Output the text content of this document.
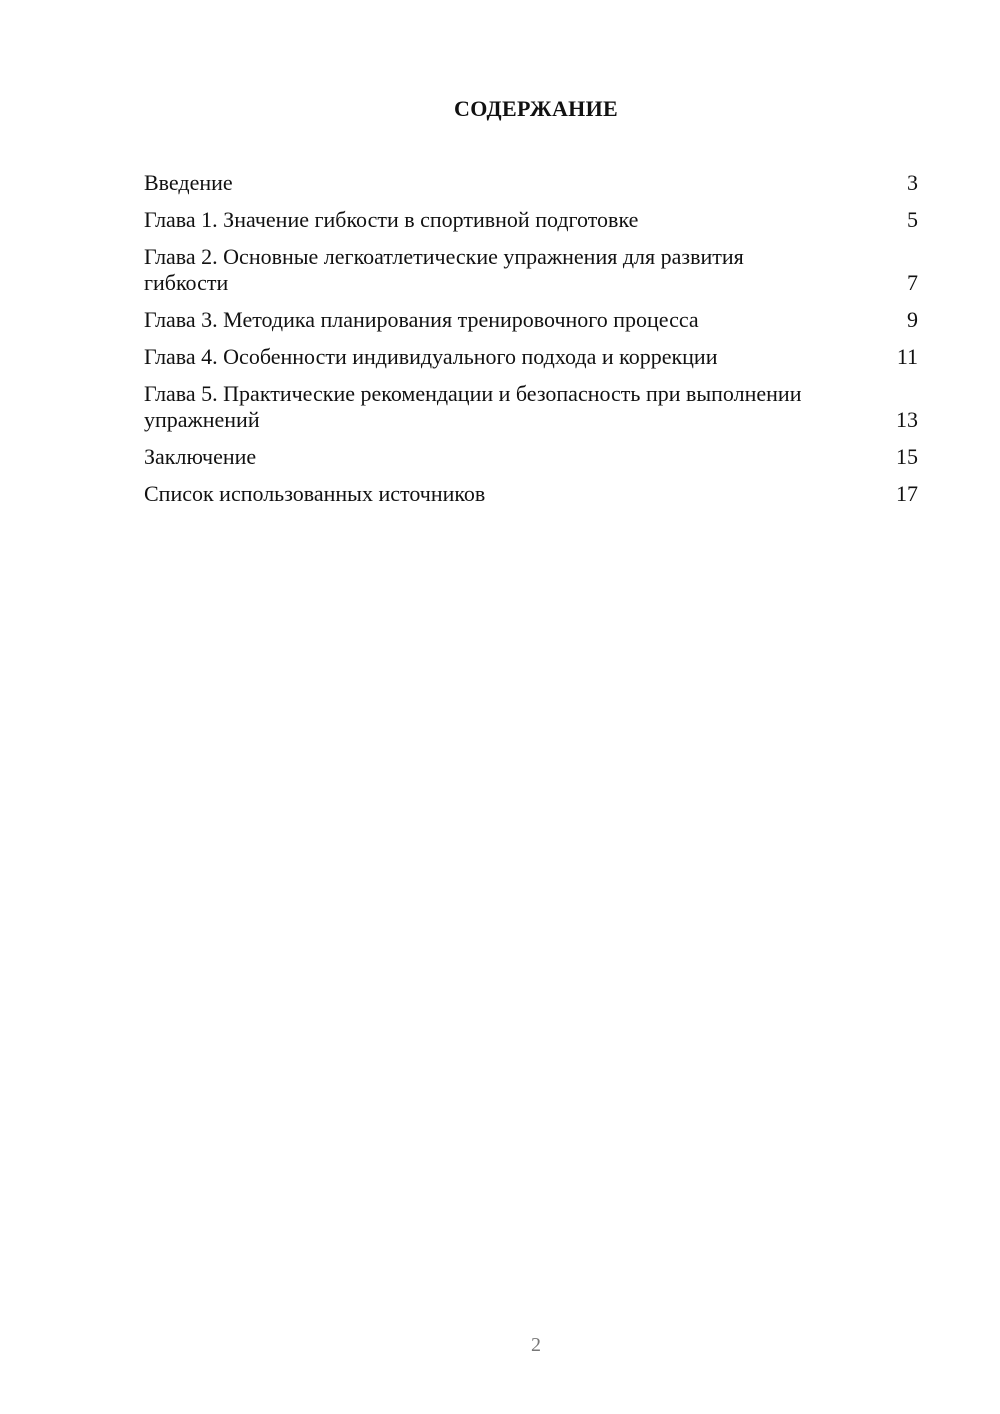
СОДЕРЖАНИЕ
Введение	3
Глава 1. Значение гибкости в спортивной подготовке	5
Глава 2. Основные легкоатлетические упражнения для развития гибкости	7
Глава 3. Методика планирования тренировочного процесса	9
Глава 4. Особенности индивидуального подхода и коррекции	11
Глава 5. Практические рекомендации и безопасность при выполнении упражнений	13
Заключение	15
Список использованных источников	17
2
